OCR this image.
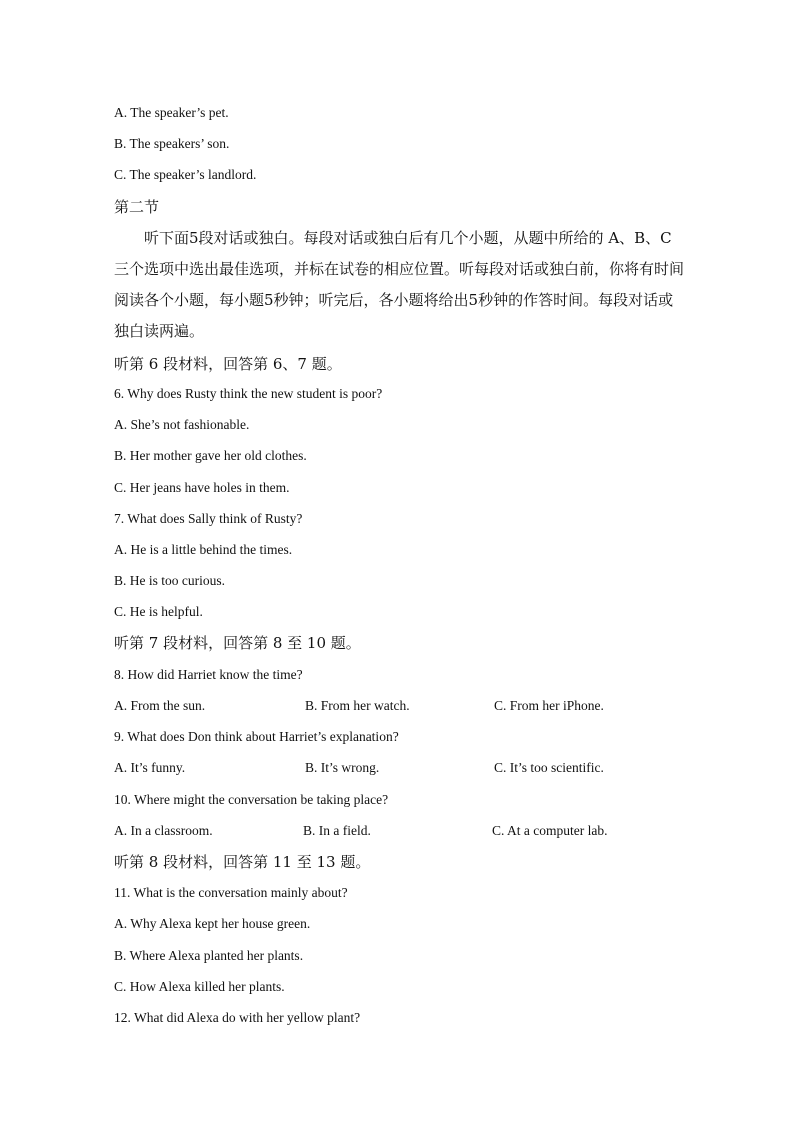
A. The speaker’s pet.
B. The speakers’ son.
C. The speaker’s landlord.
第二节
听下面5段对话或独白。每段对话或独白后有几个小题，从题中所给的 A、B、C三个选项中选出最佳选项，并标在试卷的相应位置。听每段对话或独白前，你将有时间阅读各个小题，每小题5秒钟；听完后，各小题将给出5秒钟的作答时间。每段对话或独白读两遍。
听第 6 段材料，回答第 6、7 题。
6. Why does Rusty think the new student is poor?
A. She’s not fashionable.
B. Her mother gave her old clothes.
C. Her jeans have holes in them.
7. What does Sally think of Rusty?
A. He is a little behind the times.
B. He is too curious.
C. He is helpful.
听第 7 段材料，回答第 8 至 10 题。
8. How did Harriet know the time?
A. From the sun.	B. From her watch.	C. From her iPhone.
9. What does Don think about Harriet’s explanation?
A. It’s funny.	B. It’s wrong.	C. It’s too scientific.
10. Where might the conversation be taking place?
A. In a classroom.	B. In a field.	C. At a computer lab.
听第 8 段材料，回答第 11 至 13 题。
11. What is the conversation mainly about?
A. Why Alexa kept her house green.
B. Where Alexa planted her plants.
C. How Alexa killed her plants.
12. What did Alexa do with her yellow plant?
